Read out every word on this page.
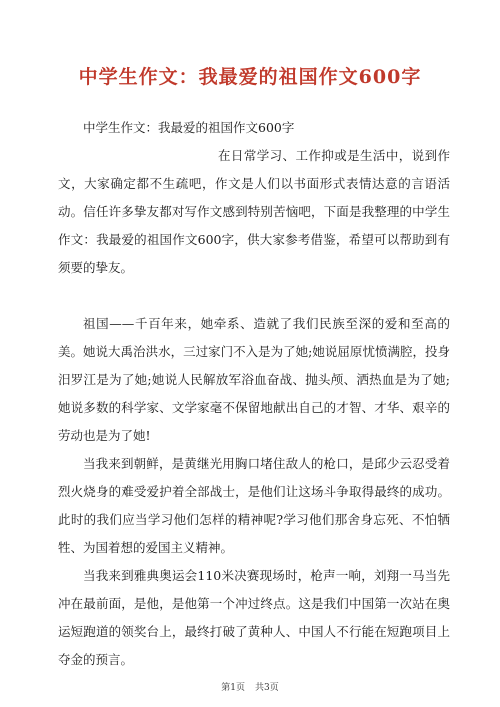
中学生作文：我最爱的祖国作文600字

中学生作文：我最爱的祖国作文600字

在日常学习、工作抑或是生活中，说到作文，大家确定都不生疏吧，作文是人们以书面形式表情达意的言语活动。信任许多挚友都对写作文感到特别苦恼吧，下面是我整理的中学生作文：我最爱的祖国作文600字，供大家参考借鉴，希望可以帮助到有须要的挚友。

祖国——千百年来，她牵系、造就了我们民族至深的爱和至高的美。她说大禹治洪水，三过家门不入是为了她;她说屈原忧愤满腔，投身汨罗江是为了她;她说人民解放军浴血奋战、抛头颅、洒热血是为了她;她说多数的科学家、文学家毫不保留地献出自己的才智、才华、艰辛的劳动也是为了她!

当我来到朝鲜，是黄继光用胸口堵住敌人的枪口，是邱少云忍受着烈火烧身的难受爱护着全部战士，是他们让这场斗争取得最终的成功。此时的我们应当学习他们怎样的精神呢?学习他们那舍身忘死、不怕牺牲、为国着想的爱国主义精神。

当我来到雅典奥运会110米决赛现场时，枪声一响，刘翔一马当先冲在最前面，是他，是他第一个冲过终点。这是我们中国第一次站在奥运短跑道的领奖台上，最终打破了黄种人、中国人不行能在短跑项目上夺金的预言。

第1页 共3页
